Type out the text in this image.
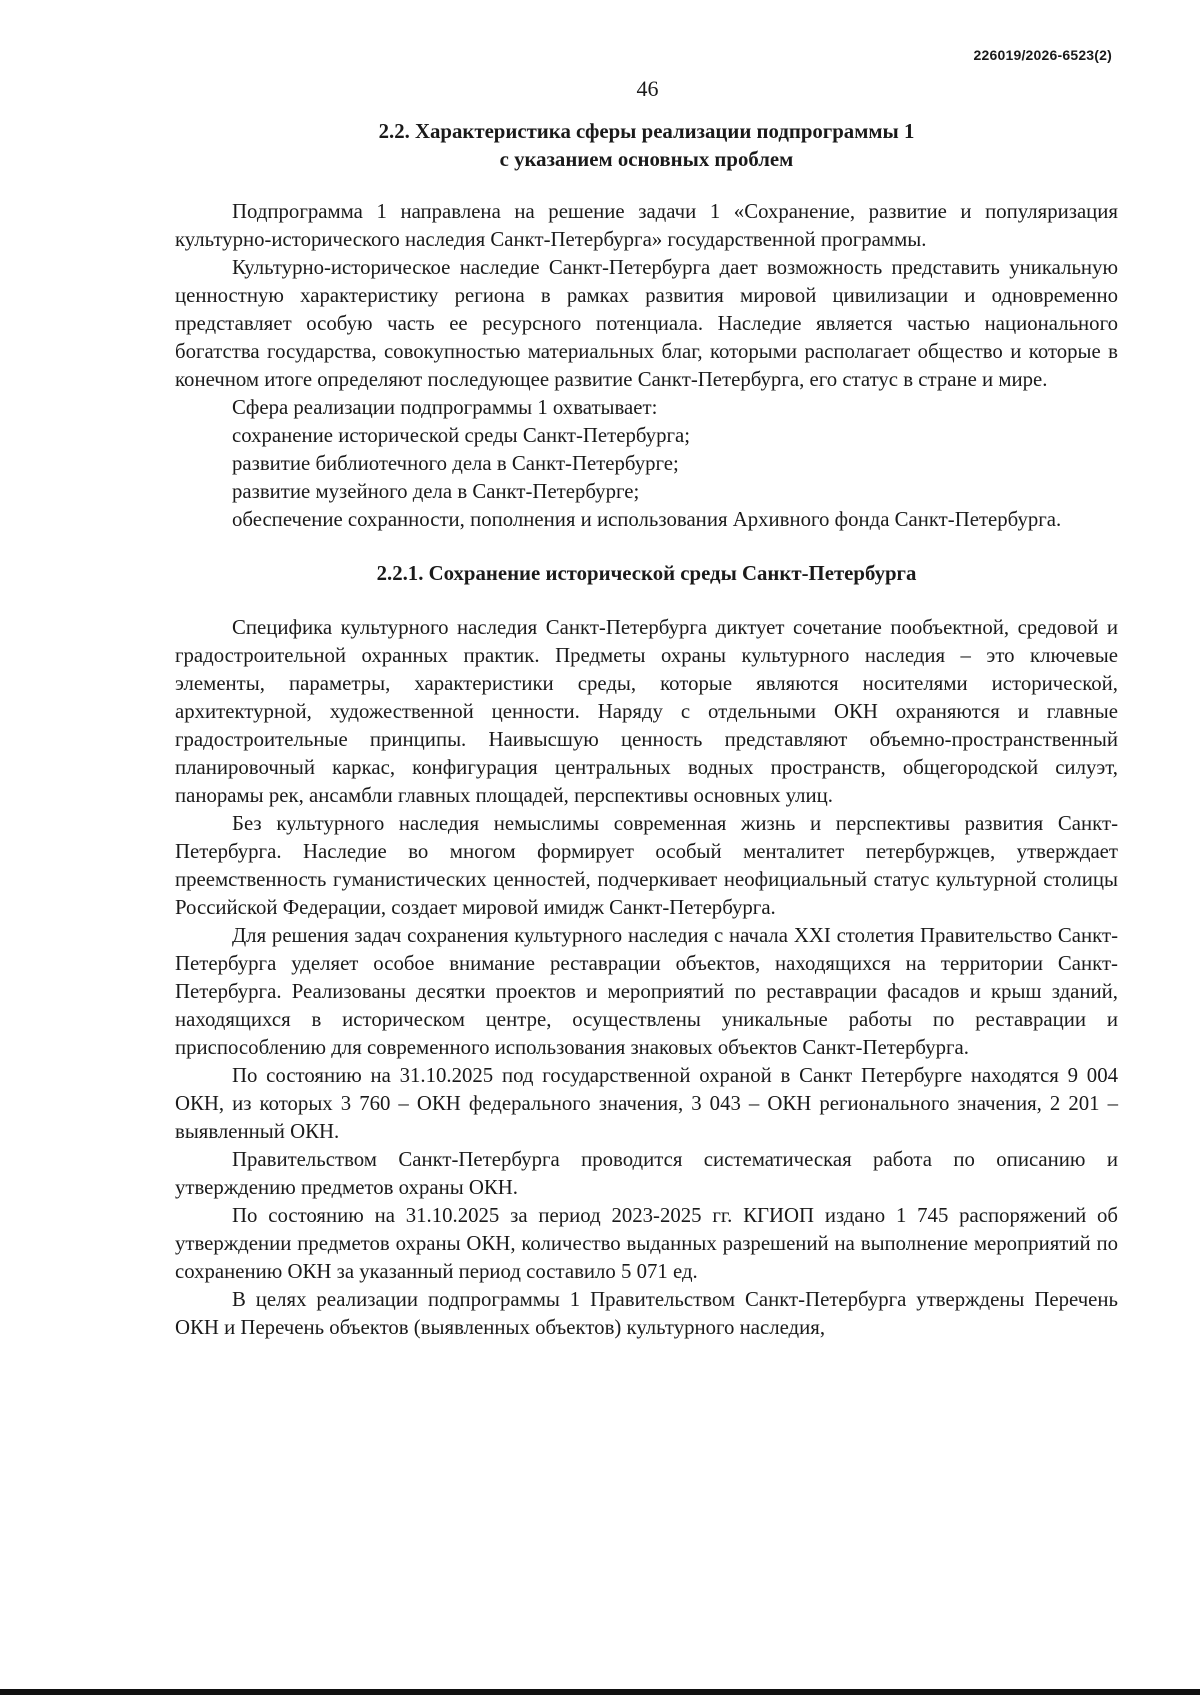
226019/2026-6523(2)
46
2.2. Характеристика сферы реализации подпрограммы 1
с указанием основных проблем

Подпрограмма 1 направлена на решение задачи 1 «Сохранение, развитие и популяризация культурно-исторического наследия Санкт-Петербурга» государственной программы.

Культурно-историческое наследие Санкт-Петербурга дает возможность представить уникальную ценностную характеристику региона в рамках развития мировой цивилизации и одновременно представляет особую часть ее ресурсного потенциала. Наследие является частью национального богатства государства, совокупностью материальных благ, которыми располагает общество и которые в конечном итоге определяют последующее развитие Санкт-Петербурга, его статус в стране и мире.

Сфера реализации подпрограммы 1 охватывает:

сохранение исторической среды Санкт-Петербурга;

развитие библиотечного дела в Санкт-Петербурге;

развитие музейного дела в Санкт-Петербурге;

обеспечение сохранности, пополнения и использования Архивного фонда Санкт-Петербурга.

2.2.1. Сохранение исторической среды Санкт-Петербурга

Специфика культурного наследия Санкт-Петербурга диктует сочетание пообъектной, средовой и градостроительной охранных практик. Предметы охраны культурного наследия – это ключевые элементы, параметры, характеристики среды, которые являются носителями исторической, архитектурной, художественной ценности. Наряду с отдельными ОКН охраняются и главные градостроительные принципы. Наивысшую ценность представляют объемно-пространственный планировочный каркас, конфигурация центральных водных пространств, общегородской силуэт, панорамы рек, ансамбли главных площадей, перспективы основных улиц.

Без культурного наследия немыслимы современная жизнь и перспективы развития Санкт-Петербурга. Наследие во многом формирует особый менталитет петербуржцев, утверждает преемственность гуманистических ценностей, подчеркивает неофициальный статус культурной столицы Российской Федерации, создает мировой имидж Санкт-Петербурга.

Для решения задач сохранения культурного наследия с начала XXI столетия Правительство Санкт-Петербурга уделяет особое внимание реставрации объектов, находящихся на территории Санкт-Петербурга. Реализованы десятки проектов и мероприятий по реставрации фасадов и крыш зданий, находящихся в историческом центре, осуществлены уникальные работы по реставрации и приспособлению для современного использования знаковых объектов Санкт-Петербурга.

По состоянию на 31.10.2025 под государственной охраной в Санкт Петербурге находятся 9 004 ОКН, из которых 3 760 – ОКН федерального значения, 3 043 – ОКН регионального значения, 2 201 – выявленный ОКН.

Правительством Санкт-Петербурга проводится систематическая работа по описанию и утверждению предметов охраны ОКН.

По состоянию на 31.10.2025 за период 2023-2025 гг. КГИОП издано 1 745 распоряжений об утверждении предметов охраны ОКН, количество выданных разрешений на выполнение мероприятий по сохранению ОКН за указанный период составило 5 071 ед.

В целях реализации подпрограммы 1 Правительством Санкт-Петербурга утверждены Перечень ОКН и Перечень объектов (выявленных объектов) культурного наследия,
